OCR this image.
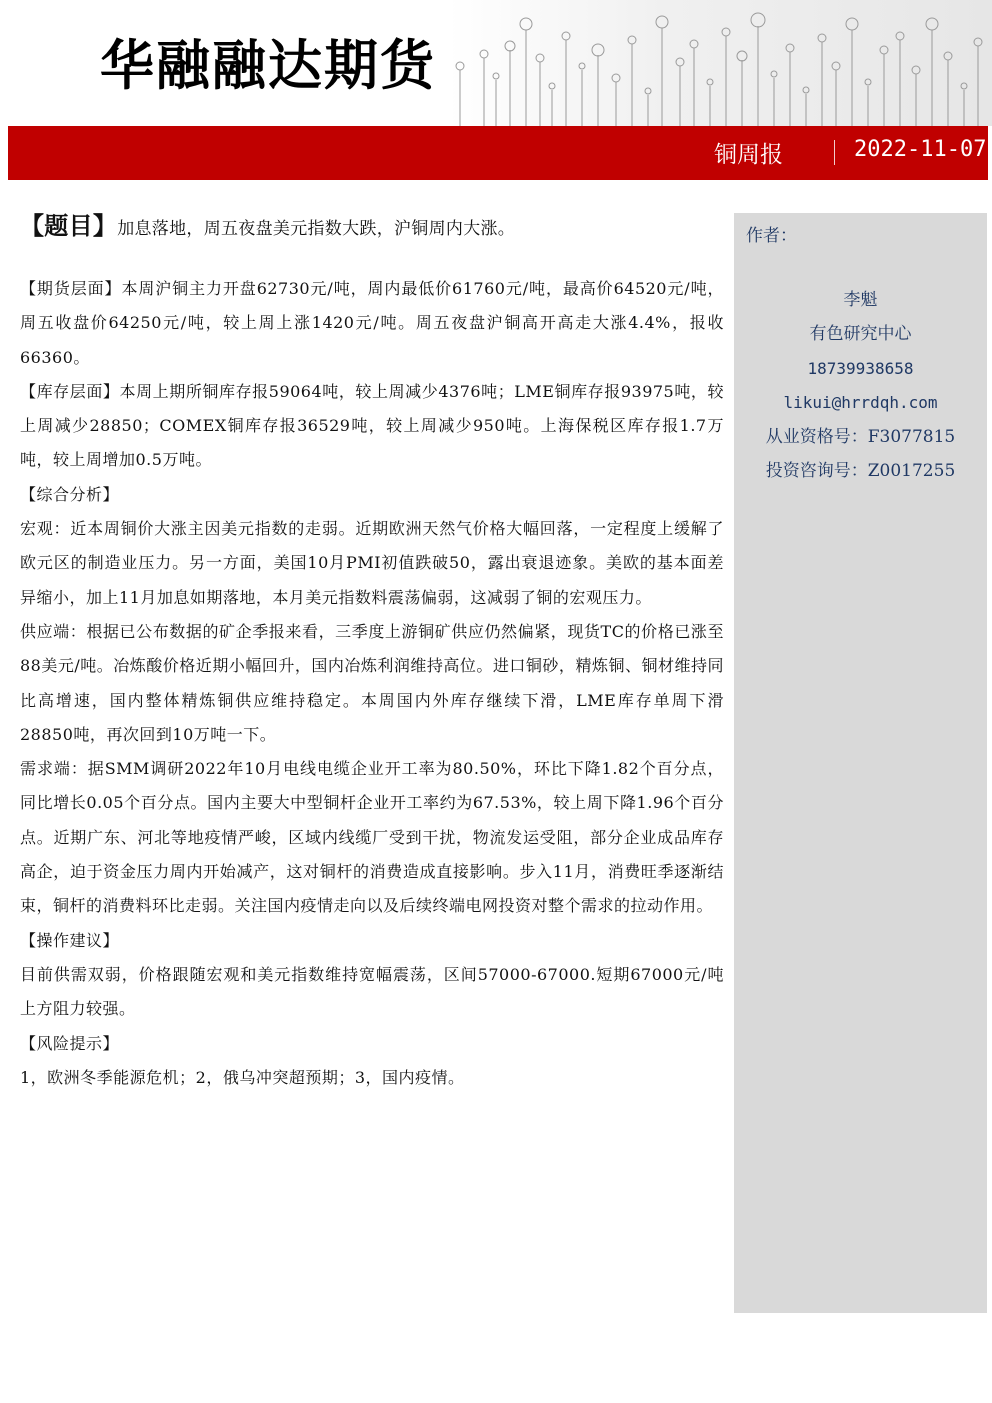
华融融达期货
铜周报	2022-11-07
【题目】加息落地，周五夜盘美元指数大跌，沪铜周内大涨。

【期货层面】本周沪铜主力开盘62730元/吨，周内最低价61760元/吨，最高价64520元/吨，周五收盘价64250元/吨，较上周上涨1420元/吨。周五夜盘沪铜高开高走大涨4.4%，报收66360。

【库存层面】本周上期所铜库存报59064吨，较上周减少4376吨；LME铜库存报93975吨，较上周减少28850；COMEX铜库存报36529吨，较上周减少950吨。上海保税区库存报1.7万吨，较上周增加0.5万吨。

【综合分析】

宏观：近本周铜价大涨主因美元指数的走弱。近期欧洲天然气价格大幅回落，一定程度上缓解了欧元区的制造业压力。另一方面，美国10月PMI初值跌破50，露出衰退迹象。美欧的基本面差异缩小，加上11月加息如期落地，本月美元指数料震荡偏弱，这减弱了铜的宏观压力。

供应端：根据已公布数据的矿企季报来看，三季度上游铜矿供应仍然偏紧，现货TC的价格已涨至88美元/吨。冶炼酸价格近期小幅回升，国内冶炼利润维持高位。进口铜砂，精炼铜、铜材维持同比高增速，国内整体精炼铜供应维持稳定。本周国内外库存继续下滑，LME库存单周下滑28850吨，再次回到10万吨一下。

需求端：据SMM调研2022年10月电线电缆企业开工率为80.50%，环比下降1.82个百分点，同比增长0.05个百分点。国内主要大中型铜杆企业开工率约为67.53%，较上周下降1.96个百分点。近期广东、河北等地疫情严峻，区域内线缆厂受到干扰，物流发运受阻，部分企业成品库存高企，迫于资金压力周内开始减产，这对铜杆的消费造成直接影响。步入11月，消费旺季逐渐结束，铜杆的消费料环比走弱。关注国内疫情走向以及后续终端电网投资对整个需求的拉动作用。

【操作建议】

目前供需双弱，价格跟随宏观和美元指数维持宽幅震荡，区间57000-67000.短期67000元/吨上方阻力较强。

【风险提示】

1，欧洲冬季能源危机；2，俄乌冲突超预期；3，国内疫情。

作者：
李魁
有色研究中心
18739938658
likui@hrrdqh.com
从业资格号：F3077815
投资咨询号：Z0017255
